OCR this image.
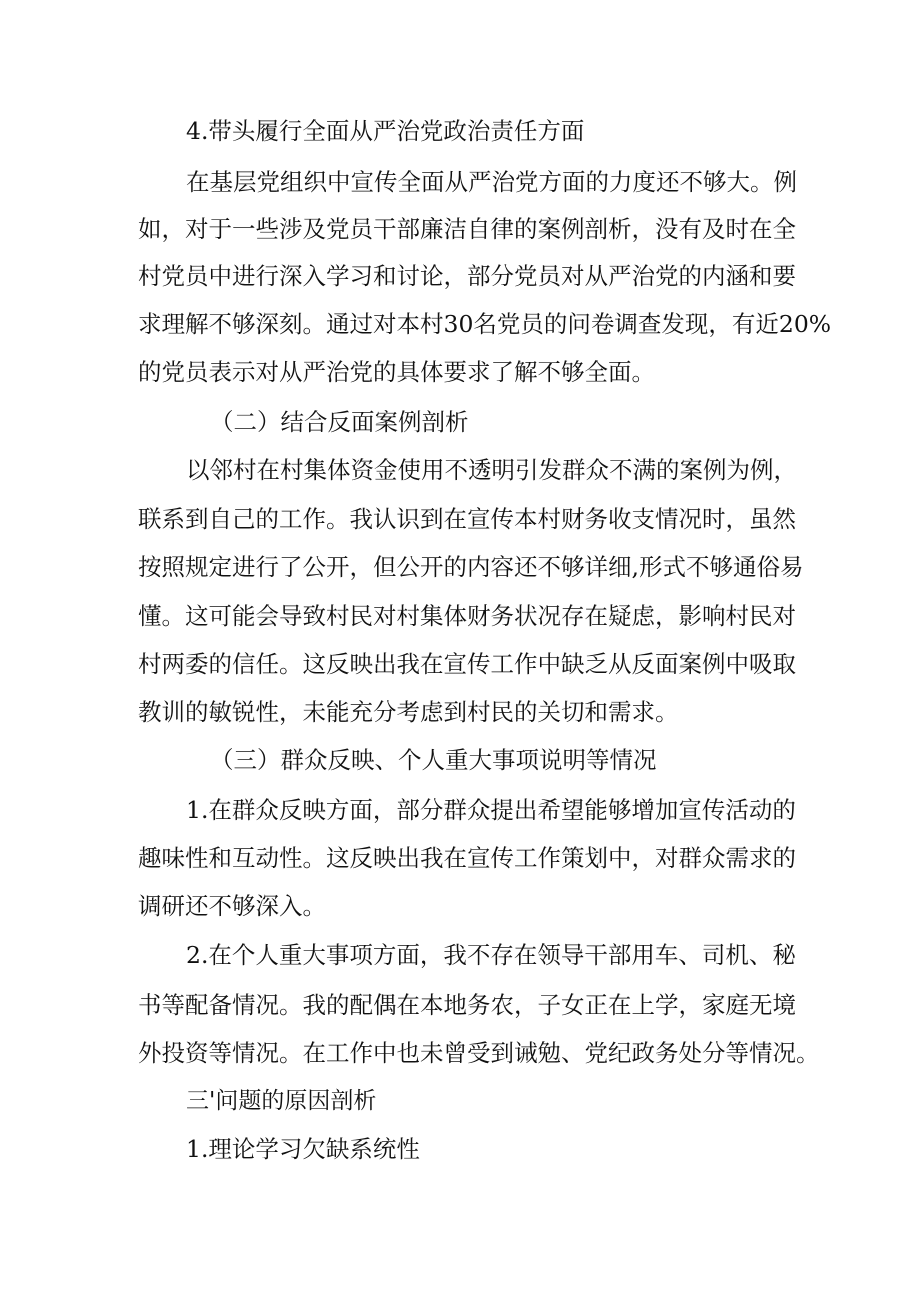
4.带头履行全面从严治党政治责任方面

在基层党组织中宣传全面从严治党方面的力度还不够大。例

如，对于一些涉及党员干部廉洁自律的案例剖析，没有及时在全

村党员中进行深入学习和讨论，部分党员对从严治党的内涵和要

求理解不够深刻。通过对本村30名党员的问卷调查发现，有近20%

的党员表示对从严治党的具体要求了解不够全面。

（二）结合反面案例剖析

以邻村在村集体资金使用不透明引发群众不满的案例为例，

联系到自己的工作。我认识到在宣传本村财务收支情况时，虽然

按照规定进行了公开，但公开的内容还不够详细,形式不够通俗易

懂。这可能会导致村民对村集体财务状况存在疑虑，影响村民对

村两委的信任。这反映出我在宣传工作中缺乏从反面案例中吸取

教训的敏锐性，未能充分考虑到村民的关切和需求。

（三）群众反映、个人重大事项说明等情况

1.在群众反映方面，部分群众提出希望能够增加宣传活动的

趣味性和互动性。这反映出我在宣传工作策划中，对群众需求的

调研还不够深入。

2.在个人重大事项方面，我不存在领导干部用车、司机、秘

书等配备情况。我的配偶在本地务农，子女正在上学，家庭无境

外投资等情况。在工作中也未曾受到诫勉、党纪政务处分等情况。

三'问题的原因剖析

1.理论学习欠缺系统性
